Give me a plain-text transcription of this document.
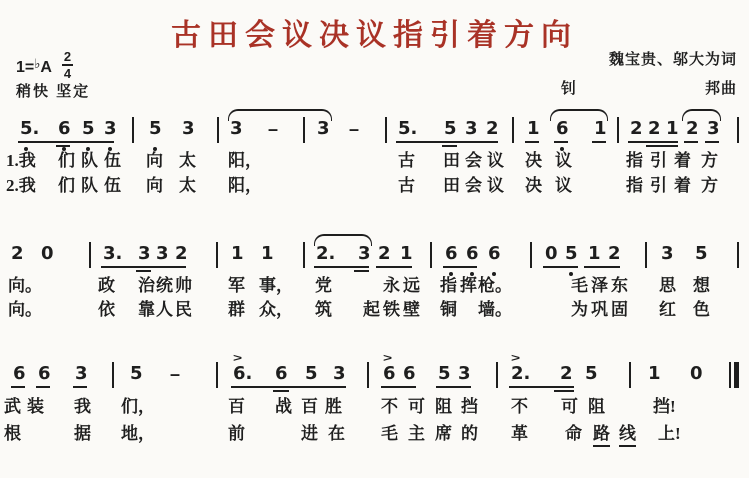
古田会议决议指引着方向
$1=^♭A \frac{2}{4}$
稍快 坚定
魏宝贵、邬大为词
钊	邦曲
5. 6 5 3 5 3 3 – 3 – 5. 5 3 2 1 6 1 2 2 1 2 3
1.我 们 队 伍 向 太 阳，	古 田 会 议 决 议	指 引 着 方
2.我 们 队 伍 向 太 阳，	古 田 会 议 决 议	指 引 着 方
2 0	3. 3 3 2 1 1 2. 3 2 1 6 6 6 0 5 1 2 3 5
向。	政 治 统 帅 军 事， 党	永 远 指 挥 枪。	毛 泽 东 思 想
向。	依 靠 人 民 群 众， 筑 起 铁 壁 铜 墙。	为 巩 固 红 色
6 6 3 5 –	6.
>
6 5 3 6
>
6 5 3 2.
>
2 5	1 0
武 装 我 们，	百 战 百 胜 不 可 阻 挡 不 可 阻	挡!
根	据 地，	前	进 在 毛 主 席 的 革 命 路 线 上!
